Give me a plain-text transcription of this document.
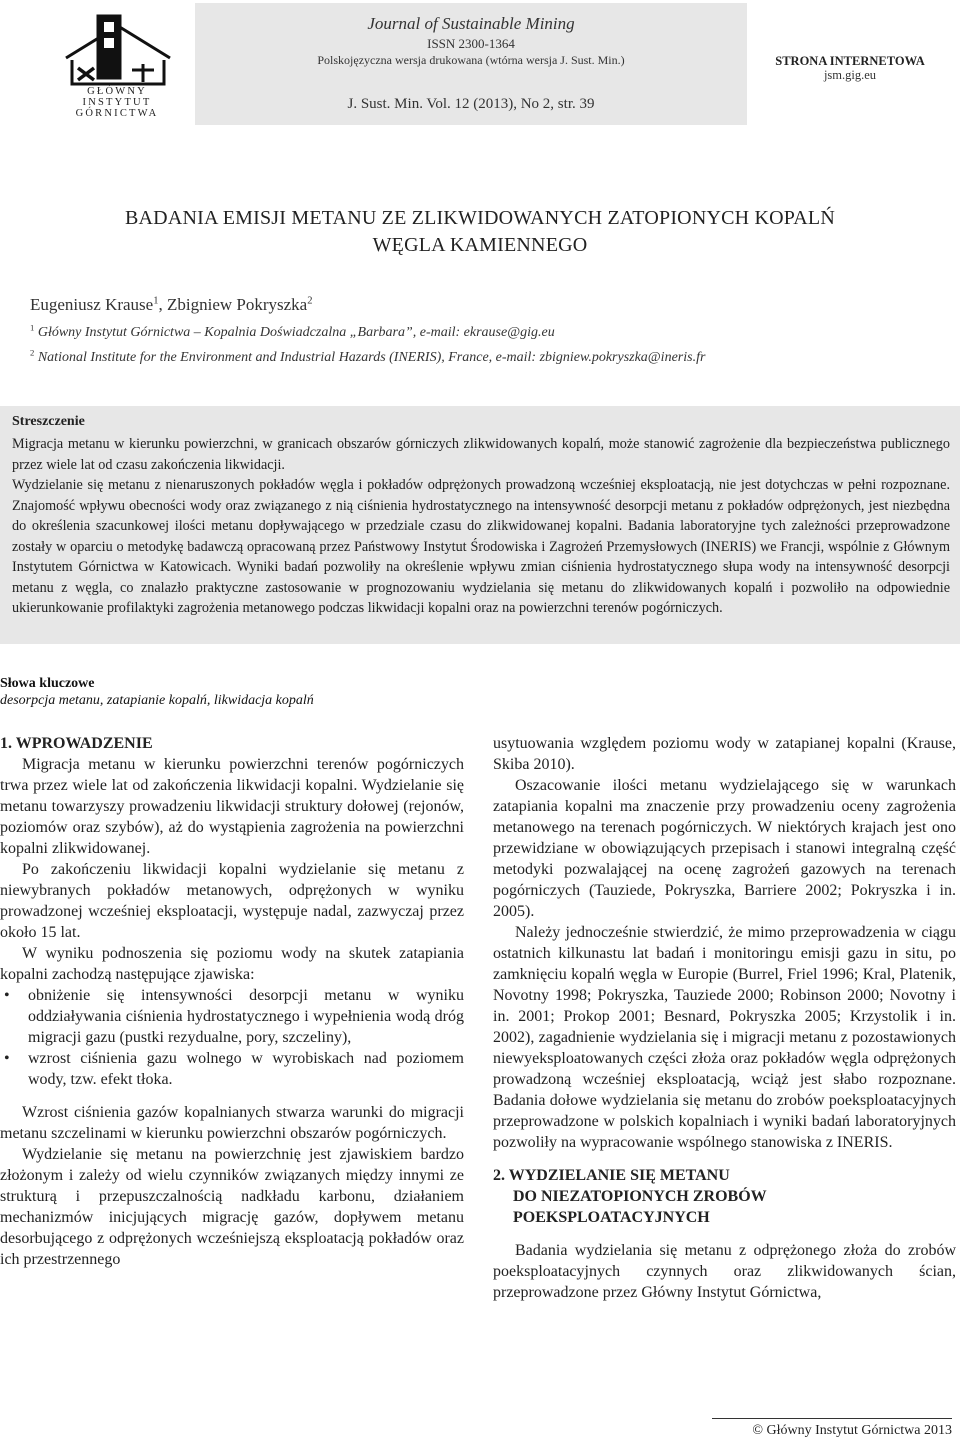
GŁÓWNY
INSTYTUT
GÓRNICTWA
Journal of Sustainable Mining
ISSN 2300-1364
Polskojęzyczna wersja drukowana (wtórna wersja J. Sust. Min.)
J. Sust. Min. Vol. 12 (2013), No 2, str. 39
STRONA INTERNETOWA
jsm.gig.eu
BADANIA EMISJI METANU ZE ZLIKWIDOWANYCH ZATOPIONYCH KOPALŃ
WĘGLA KAMIENNEGO
Eugeniusz Krause$^1$, Zbigniew Pokryszka$^2$
$^1$ Główny Instytut Górnictwa – Kopalnia Doświadczalna „Barbara”, e-mail: ekrause@gig.eu
$^2$ National Institute for the Environment and Industrial Hazards (INERIS), France, e-mail: zbigniew.pokryszka@ineris.fr
Streszczenie

Migracja metanu w kierunku powierzchni, w granicach obszarów górniczych zlikwidowanych kopalń, może stanowić zagrożenie dla bezpieczeństwa publicznego przez wiele lat od czasu zakończenia likwidacji.

Wydzielanie się metanu z nienaruszonych pokładów węgla i pokładów odprężonych prowadzoną wcześniej eksploatacją, nie jest dotychczas w pełni rozpoznane. Znajomość wpływu obecności wody oraz związanego z nią ciśnienia hydrostatycznego na intensywność desorpcji metanu z pokładów odprężonych, jest niezbędna do określenia szacunkowej ilości metanu dopływającego w przedziale czasu do zlikwidowanej kopalni. Badania laboratoryjne tych zależności przeprowadzone zostały w oparciu o metodykę badawczą opracowaną przez Państwowy Instytut Środowiska i Zagrożeń Przemysłowych (INERIS) we Francji, wspólnie z Głównym Instytutem Górnictwa w Katowicach. Wyniki badań pozwoliły na określenie wpływu zmian ciśnienia hydrostatycznego słupa wody na intensywność desorpcji metanu z węgla, co znalazło praktyczne zastosowanie w prognozowaniu wydzielania się metanu do zlikwidowanych kopalń i pozwoliło na odpowiednie ukierunkowanie profilaktyki zagrożenia metanowego podczas likwidacji kopalni oraz na powierzchni terenów pogórniczych.

Słowa kluczowe
desorpcja metanu, zatapianie kopalń, likwidacja kopalń

1. WPROWADZENIE

Migracja metanu w kierunku powierzchni terenów pogórniczych trwa przez wiele lat od zakończenia likwidacji kopalni. Wydzielanie się metanu towarzyszy prowadzeniu likwidacji struktury dołowej (rejonów, poziomów oraz szybów), aż do wystąpienia zagrożenia na powierzchni kopalni zlikwidowanej.

Po zakończeniu likwidacji kopalni wydzielanie się metanu z niewybranych pokładów metanowych, odprężonych w wyniku prowadzonej wcześniej eksploatacji, występuje nadal, zazwyczaj przez około 15 lat.

W wyniku podnoszenia się poziomu wody na skutek zatapiania kopalni zachodzą następujące zjawiska:

• obniżenie się intensywności desorpcji metanu w wyniku oddziaływania ciśnienia hydrostatycznego i wypełnienia wodą dróg migracji gazu (pustki rezydualne, pory, szczeliny),
• wzrost ciśnienia gazu wolnego w wyrobiskach nad poziomem wody, tzw. efekt tłoka.

Wzrost ciśnienia gazów kopalnianych stwarza warunki do migracji metanu szczelinami w kierunku powierzchni obszarów pogórniczych.

Wydzielanie się metanu na powierzchnię jest zjawiskiem bardzo złożonym i zależy od wielu czynników związanych między innymi ze strukturą i przepuszczalnością nadkładu karbonu, działaniem mechanizmów inicjujących migrację gazów, dopływem metanu desorbującego z odprężonych wcześniejszą eksploatacją pokładów oraz ich przestrzennego

usytuowania względem poziomu wody w zatapianej kopalni (Krause, Skiba 2010).

Oszacowanie ilości metanu wydzielającego się w warunkach zatapiania kopalni ma znaczenie przy prowadzeniu oceny zagrożenia metanowego na terenach pogórniczych. W niektórych krajach jest ono przewidziane w obowiązujących przepisach i stanowi integralną część metodyki pozwalającej na ocenę zagrożeń gazowych na terenach pogórniczych (Tauziede, Pokryszka, Barriere 2002; Pokryszka i in. 2005).

Należy jednocześnie stwierdzić, że mimo przeprowadzenia w ciągu ostatnich kilkunastu lat badań i monitoringu emisji gazu in situ, po zamknięciu kopalń węgla w Europie (Burrel, Friel 1996; Kral, Platenik, Novotny 1998; Pokryszka, Tauziede 2000; Robinson 2000; Novotny i in. 2001; Prokop 2001; Besnard, Pokryszka 2005; Krzystolik i in. 2002), zagadnienie wydzielania się i migracji metanu z pozostawionych niewyeksploatowanych części złoża oraz pokładów węgla odprężonych prowadzoną wcześniej eksploatacją, wciąż jest słabo rozpoznane. Badania dołowe wydzielania się metanu do zrobów poeksploatacyjnych przeprowadzone w polskich kopalniach i wyniki badań laboratoryjnych pozwoliły na wypracowanie wspólnego stanowiska z INERIS.

2. WYDZIELANIE SIĘ METANU
DO NIEZATOPIONYCH ZROBÓW
POEKSPLOATACYJNYCH

Badania wydzielania się metanu z odprężonego złoża do zrobów poeksploatacyjnych czynnych oraz zlikwidowanych ścian, przeprowadzone przez Główny Instytut Górnictwa,

© Główny Instytut Górnictwa 2013
